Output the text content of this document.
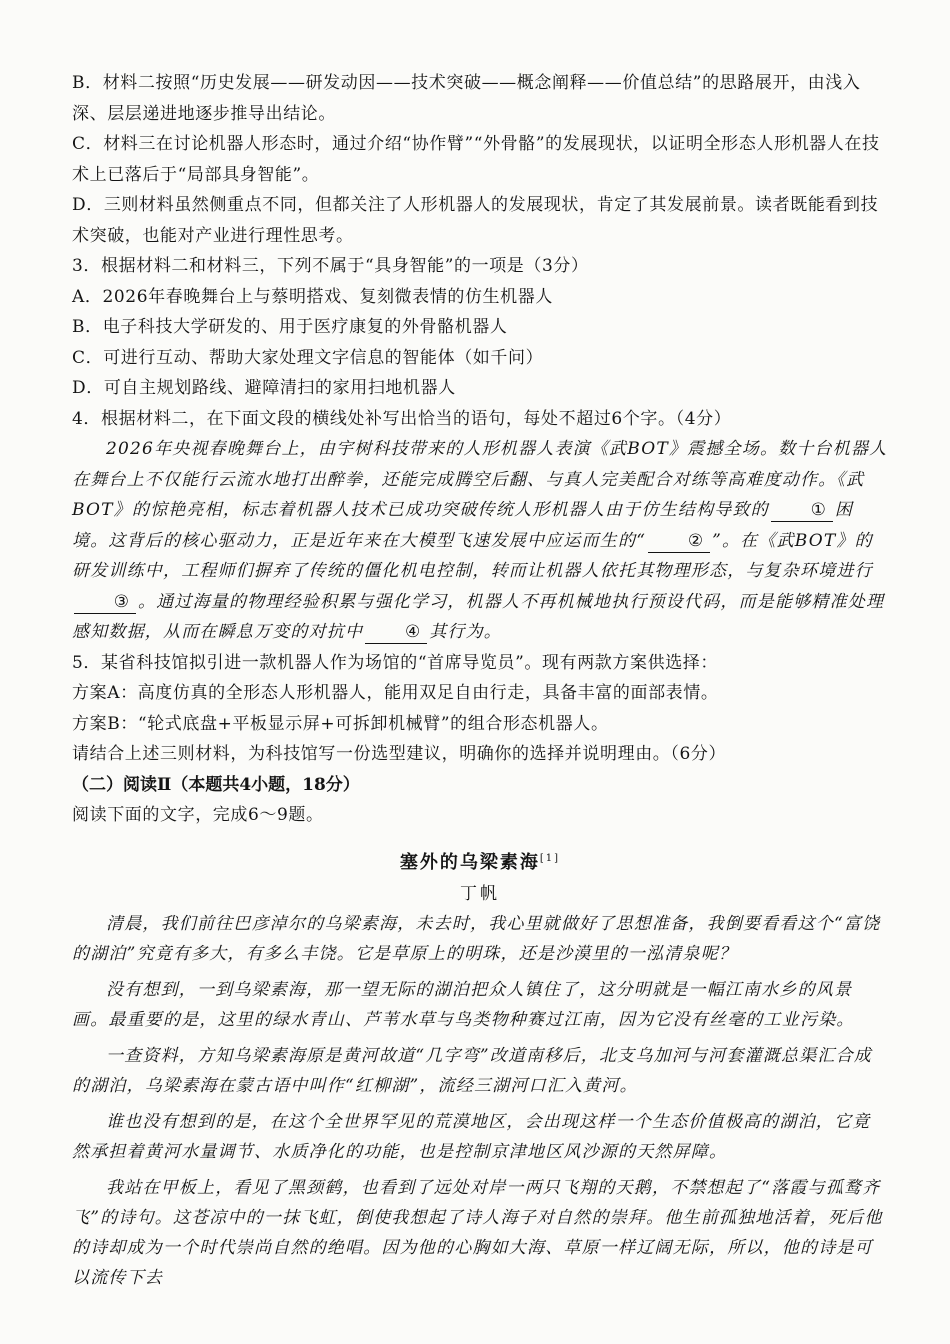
B．材料二按照“历史发展——研发动因——技术突破——概念阐释——价值总结”的思路展开，由浅入深、层层递进地逐步推导出结论。
C．材料三在讨论机器人形态时，通过介绍“协作臂”“外骨骼”的发展现状，以证明全形态人形机器人在技术上已落后于“局部具身智能”。
D．三则材料虽然侧重点不同，但都关注了人形机器人的发展现状，肯定了其发展前景。读者既能看到技术突破，也能对产业进行理性思考。
3．根据材料二和材料三，下列不属于“具身智能”的一项是（3分）
A．2026年春晚舞台上与蔡明搭戏、复刻微表情的仿生机器人
B．电子科技大学研发的、用于医疗康复的外骨骼机器人
C．可进行互动、帮助大家处理文字信息的智能体（如千问）
D．可自主规划路线、避障清扫的家用扫地机器人
4．根据材料二，在下面文段的横线处补写出恰当的语句，每处不超过6个字。（4分）
2026年央视春晚舞台上，由宇树科技带来的人形机器人表演《武BOT》震撼全场。数十台机器人在舞台上不仅能行云流水地打出醉拳，还能完成腾空后翻、与真人完美配合对练等高难度动作。《武BOT》的惊艳亮相，标志着机器人技术已成功突破传统人形机器人由于仿生结构导致的 ① 困境。这背后的核心驱动力，正是近年来在大模型飞速发展中应运而生的“ ② ”。在《武BOT》的研发训练中，工程师们摒弃了传统的僵化机电控制，转而让机器人依托其物理形态，与复杂环境进行③ 。通过海量的物理经验积累与强化学习，机器人不再机械地执行预设代码，而是能够精准处理感知数据，从而在瞬息万变的对抗中 ④ 其行为。
5．某省科技馆拟引进一款机器人作为场馆的“首席导览员”。现有两款方案供选择：
方案A：高度仿真的全形态人形机器人，能用双足自由行走，具备丰富的面部表情。
方案B：“轮式底盘+平板显示屏+可拆卸机械臂”的组合形态机器人。
请结合上述三则材料，为科技馆写一份选型建议，明确你的选择并说明理由。（6分）
（二）阅读Ⅱ（本题共4小题，18分）
阅读下面的文字，完成6～9题。
塞外的乌梁素海[1]
丁帆

清晨，我们前往巴彦淖尔的乌梁素海，未去时，我心里就做好了思想准备，我倒要看看这个“富饶的湖泊”究竟有多大，有多么丰饶。它是草原上的明珠，还是沙漠里的一泓清泉呢？

没有想到，一到乌梁素海，那一望无际的湖泊把众人镇住了，这分明就是一幅江南水乡的风景画。最重要的是，这里的绿水青山、芦苇水草与鸟类物种赛过江南，因为它没有丝毫的工业污染。

一查资料，方知乌梁素海原是黄河故道“几字弯”改道南移后，北支乌加河与河套灌溉总渠汇合成的湖泊，乌梁素海在蒙古语中叫作“红柳湖”，流经三湖河口汇入黄河。

谁也没有想到的是，在这个全世界罕见的荒漠地区，会出现这样一个生态价值极高的湖泊，它竟然承担着黄河水量调节、水质净化的功能，也是控制京津地区风沙源的天然屏障。

我站在甲板上，看见了黑颈鹤，也看到了远处对岸一两只飞翔的天鹅，不禁想起了“落霞与孤鹜齐飞”的诗句。这苍凉中的一抹飞虹，倒使我想起了诗人海子对自然的崇拜。他生前孤独地活着，死后他的诗却成为一个时代崇尚自然的绝唱。因为他的心胸如大海、草原一样辽阔无际，所以，他的诗是可以流传下去
